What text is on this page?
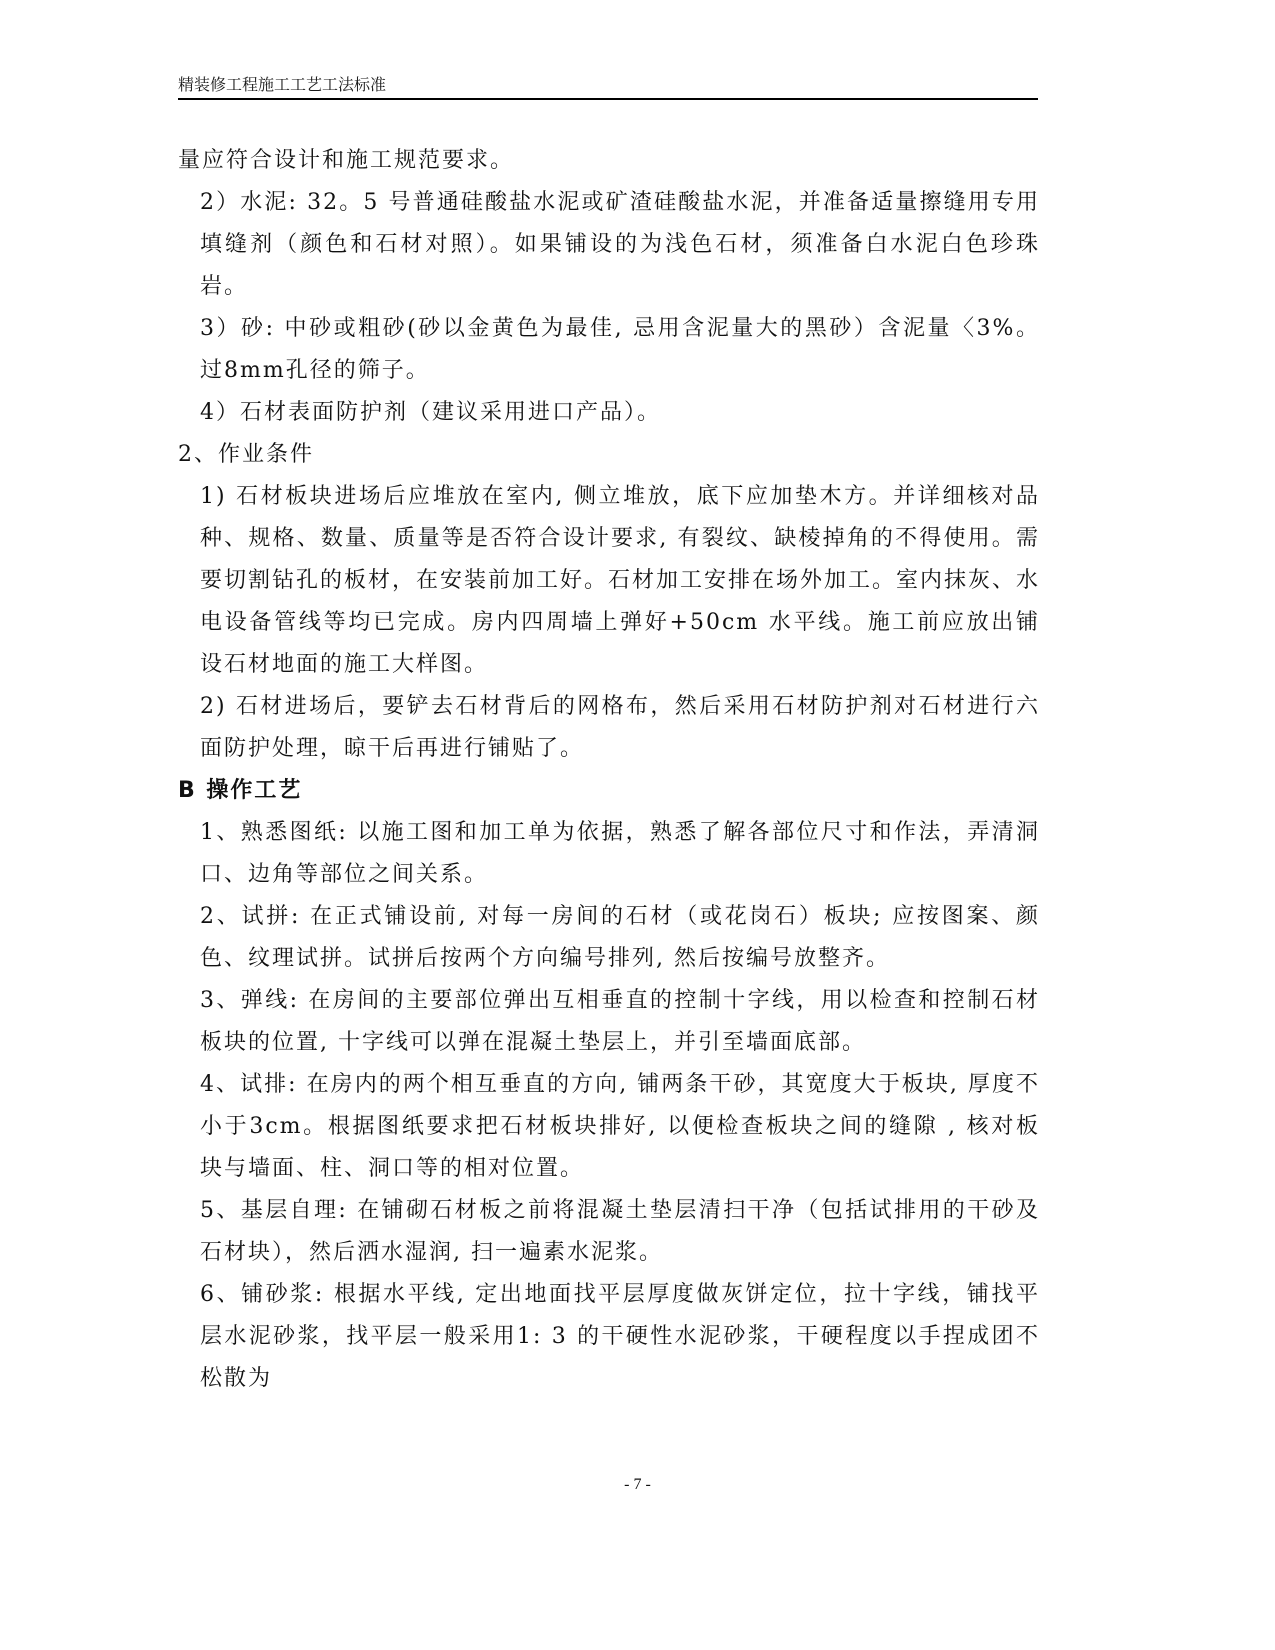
精装修工程施工工艺工法标准

量应符合设计和施工规范要求。

2）水泥: 32。5 号普通硅酸盐水泥或矿渣硅酸盐水泥，并准备适量擦缝用专用填缝剂（颜色和石材对照）。如果铺设的为浅色石材，须准备白水泥白色珍珠岩。

3）砂: 中砂或粗砂(砂以金黄色为最佳, 忌用含泥量大的黑砂）含泥量〈3%。过8mm孔径的筛子。

4）石材表面防护剂（建议采用进口产品）。

2、作业条件

1) 石材板块进场后应堆放在室内, 侧立堆放，底下应加垫木方。并详细核对品种、规格、数量、质量等是否符合设计要求, 有裂纹、缺棱掉角的不得使用。需要切割钻孔的板材，在安装前加工好。石材加工安排在场外加工。室内抹灰、水电设备管线等均已完成。房内四周墙上弹好+50cm 水平线。施工前应放出铺设石材地面的施工大样图。

2) 石材进场后，要铲去石材背后的网格布，然后采用石材防护剂对石材进行六面防护处理，晾干后再进行铺贴了。

B 操作工艺

1、熟悉图纸: 以施工图和加工单为依据，熟悉了解各部位尺寸和作法，弄清洞口、边角等部位之间关系。

2、试拼: 在正式铺设前, 对每一房间的石材（或花岗石）板块; 应按图案、颜色、纹理试拼。试拼后按两个方向编号排列, 然后按编号放整齐。

3、弹线: 在房间的主要部位弹出互相垂直的控制十字线，用以检查和控制石材板块的位置, 十字线可以弹在混凝土垫层上，并引至墙面底部。

4、试排: 在房内的两个相互垂直的方向, 铺两条干砂，其宽度大于板块, 厚度不小于3cm。根据图纸要求把石材板块排好, 以便检查板块之间的缝隙 , 核对板块与墙面、柱、洞口等的相对位置。

5、基层自理: 在铺砌石材板之前将混凝土垫层清扫干净（包括试排用的干砂及石材块），然后洒水湿润, 扫一遍素水泥浆。

6、铺砂浆: 根据水平线, 定出地面找平层厚度做灰饼定位，拉十字线，铺找平层水泥砂浆，找平层一般采用1: 3 的干硬性水泥砂浆，干硬程度以手捏成团不松散为

- 7 -
